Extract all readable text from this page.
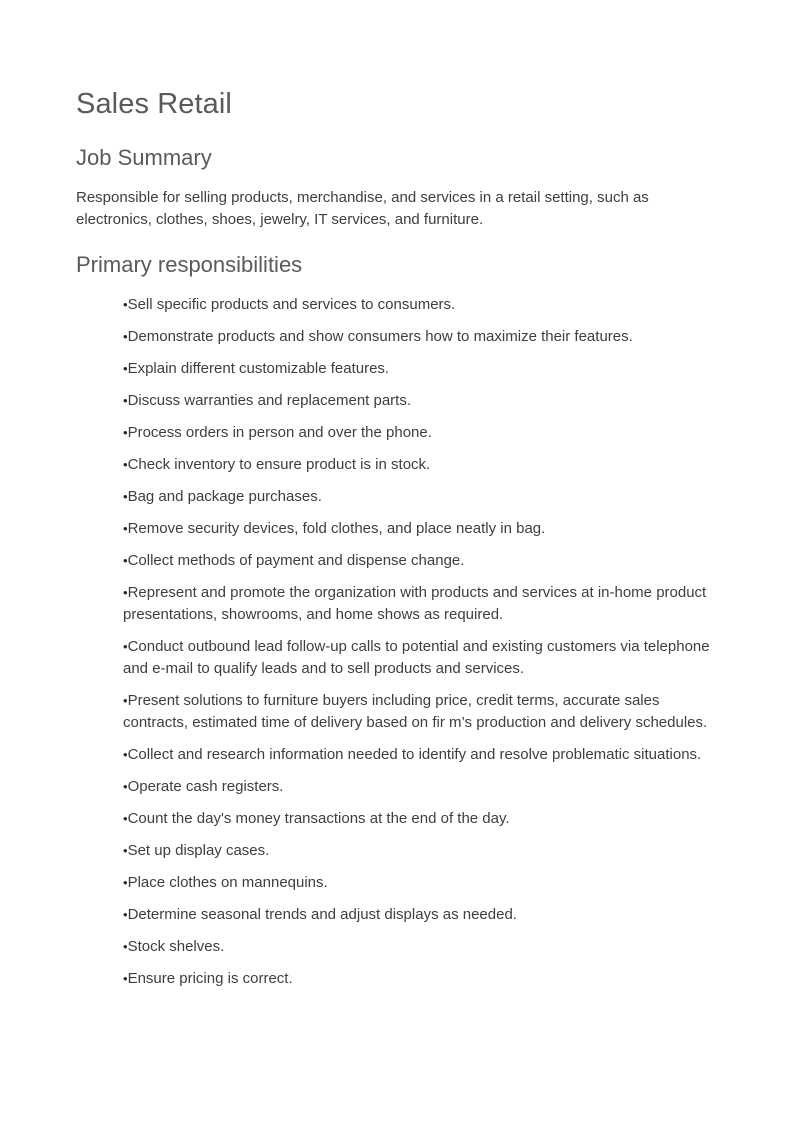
Sales Retail
Job Summary

Responsible for selling products, merchandise, and services in a retail setting, such as electronics, clothes, shoes, jewelry, IT services, and furniture.

Primary responsibilities
•Sell specific products and services to consumers.
•Demonstrate products and show consumers how to maximize their features.
•Explain different customizable features.
•Discuss warranties and replacement parts.
•Process orders in person and over the phone.
•Check inventory to ensure product is in stock.
•Bag and package purchases.
•Remove security devices, fold clothes, and place neatly in bag.
•Collect methods of payment and dispense change.
•Represent and promote the organization with products and services at in-home product presentations, showrooms, and home shows as required.
•Conduct outbound lead follow-up calls to potential and existing customers via telephone and e-mail to qualify leads and to sell products and services.
•Present solutions to furniture buyers including price, credit terms, accurate sales contracts, estimated time of delivery based on fir m’s production and delivery schedules.
•Collect and research information needed to identify and resolve problematic situations.
•Operate cash registers.
•Count the day's money transactions at the end of the day.
•Set up display cases.
•Place clothes on mannequins.
•Determine seasonal trends and adjust displays as needed.
•Stock shelves.
•Ensure pricing is correct.
